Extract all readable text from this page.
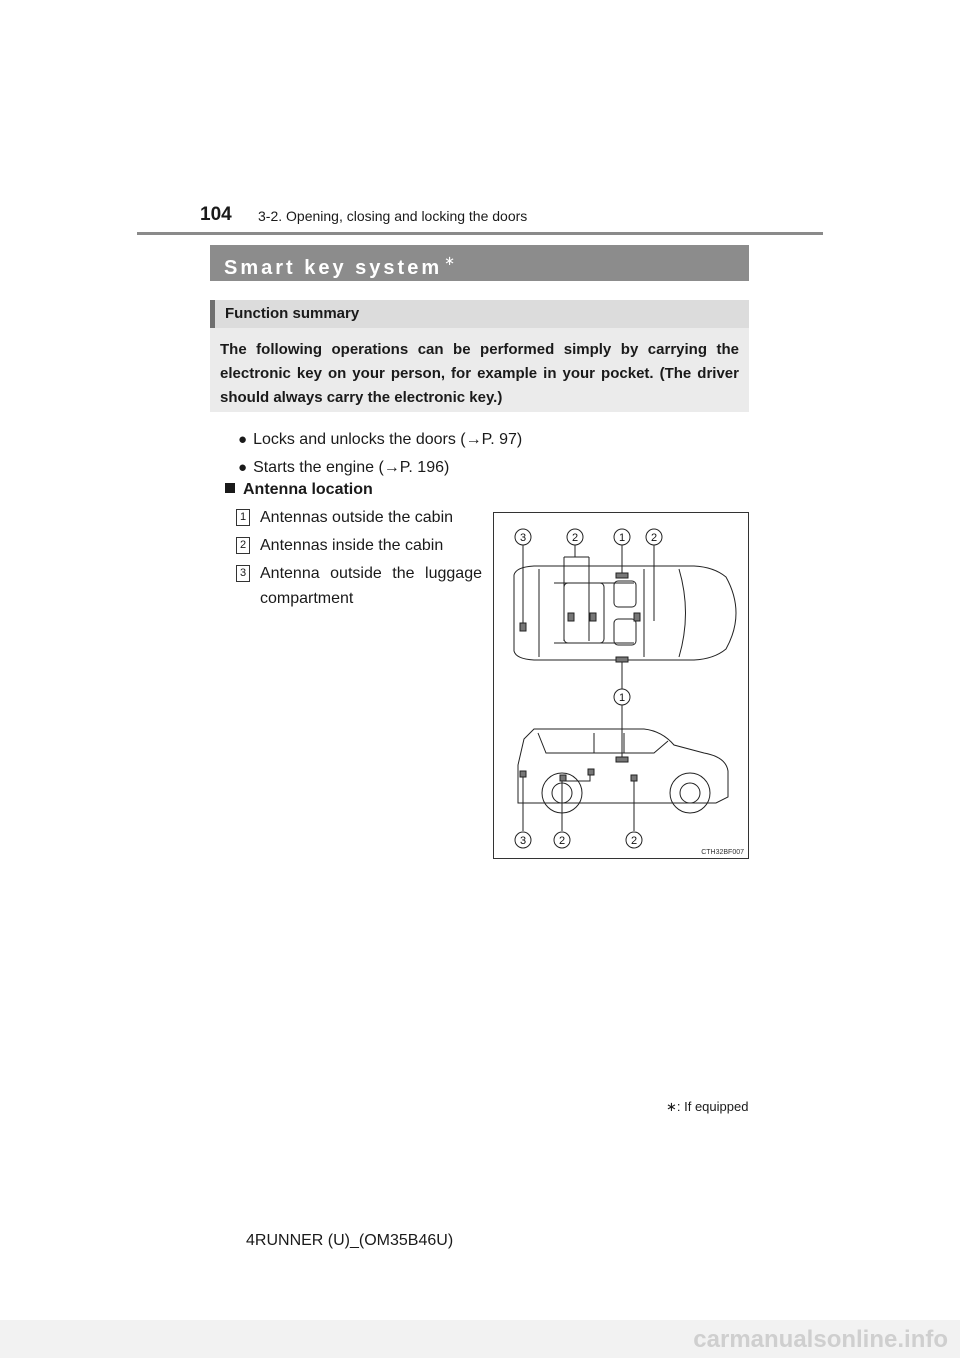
104 3-2. Opening, closing and locking the doors
Smart key system ∗
Function summary
The following operations can be performed simply by carrying the electronic key on your person, for example in your pocket. (The driver should always carry the electronic key.)
● Locks and unlocks the doors (→P. 97)
● Starts the engine (→P. 196)
Antenna location
1 Antennas outside the cabin
2 Antennas inside the cabin
3 Antenna outside the luggage compartment
3	2	1 2
1
3	2	2
CTH32BF007
∗: If equipped
4RUNNER (U)_(OM35B46U)
carmanualsonline.info
